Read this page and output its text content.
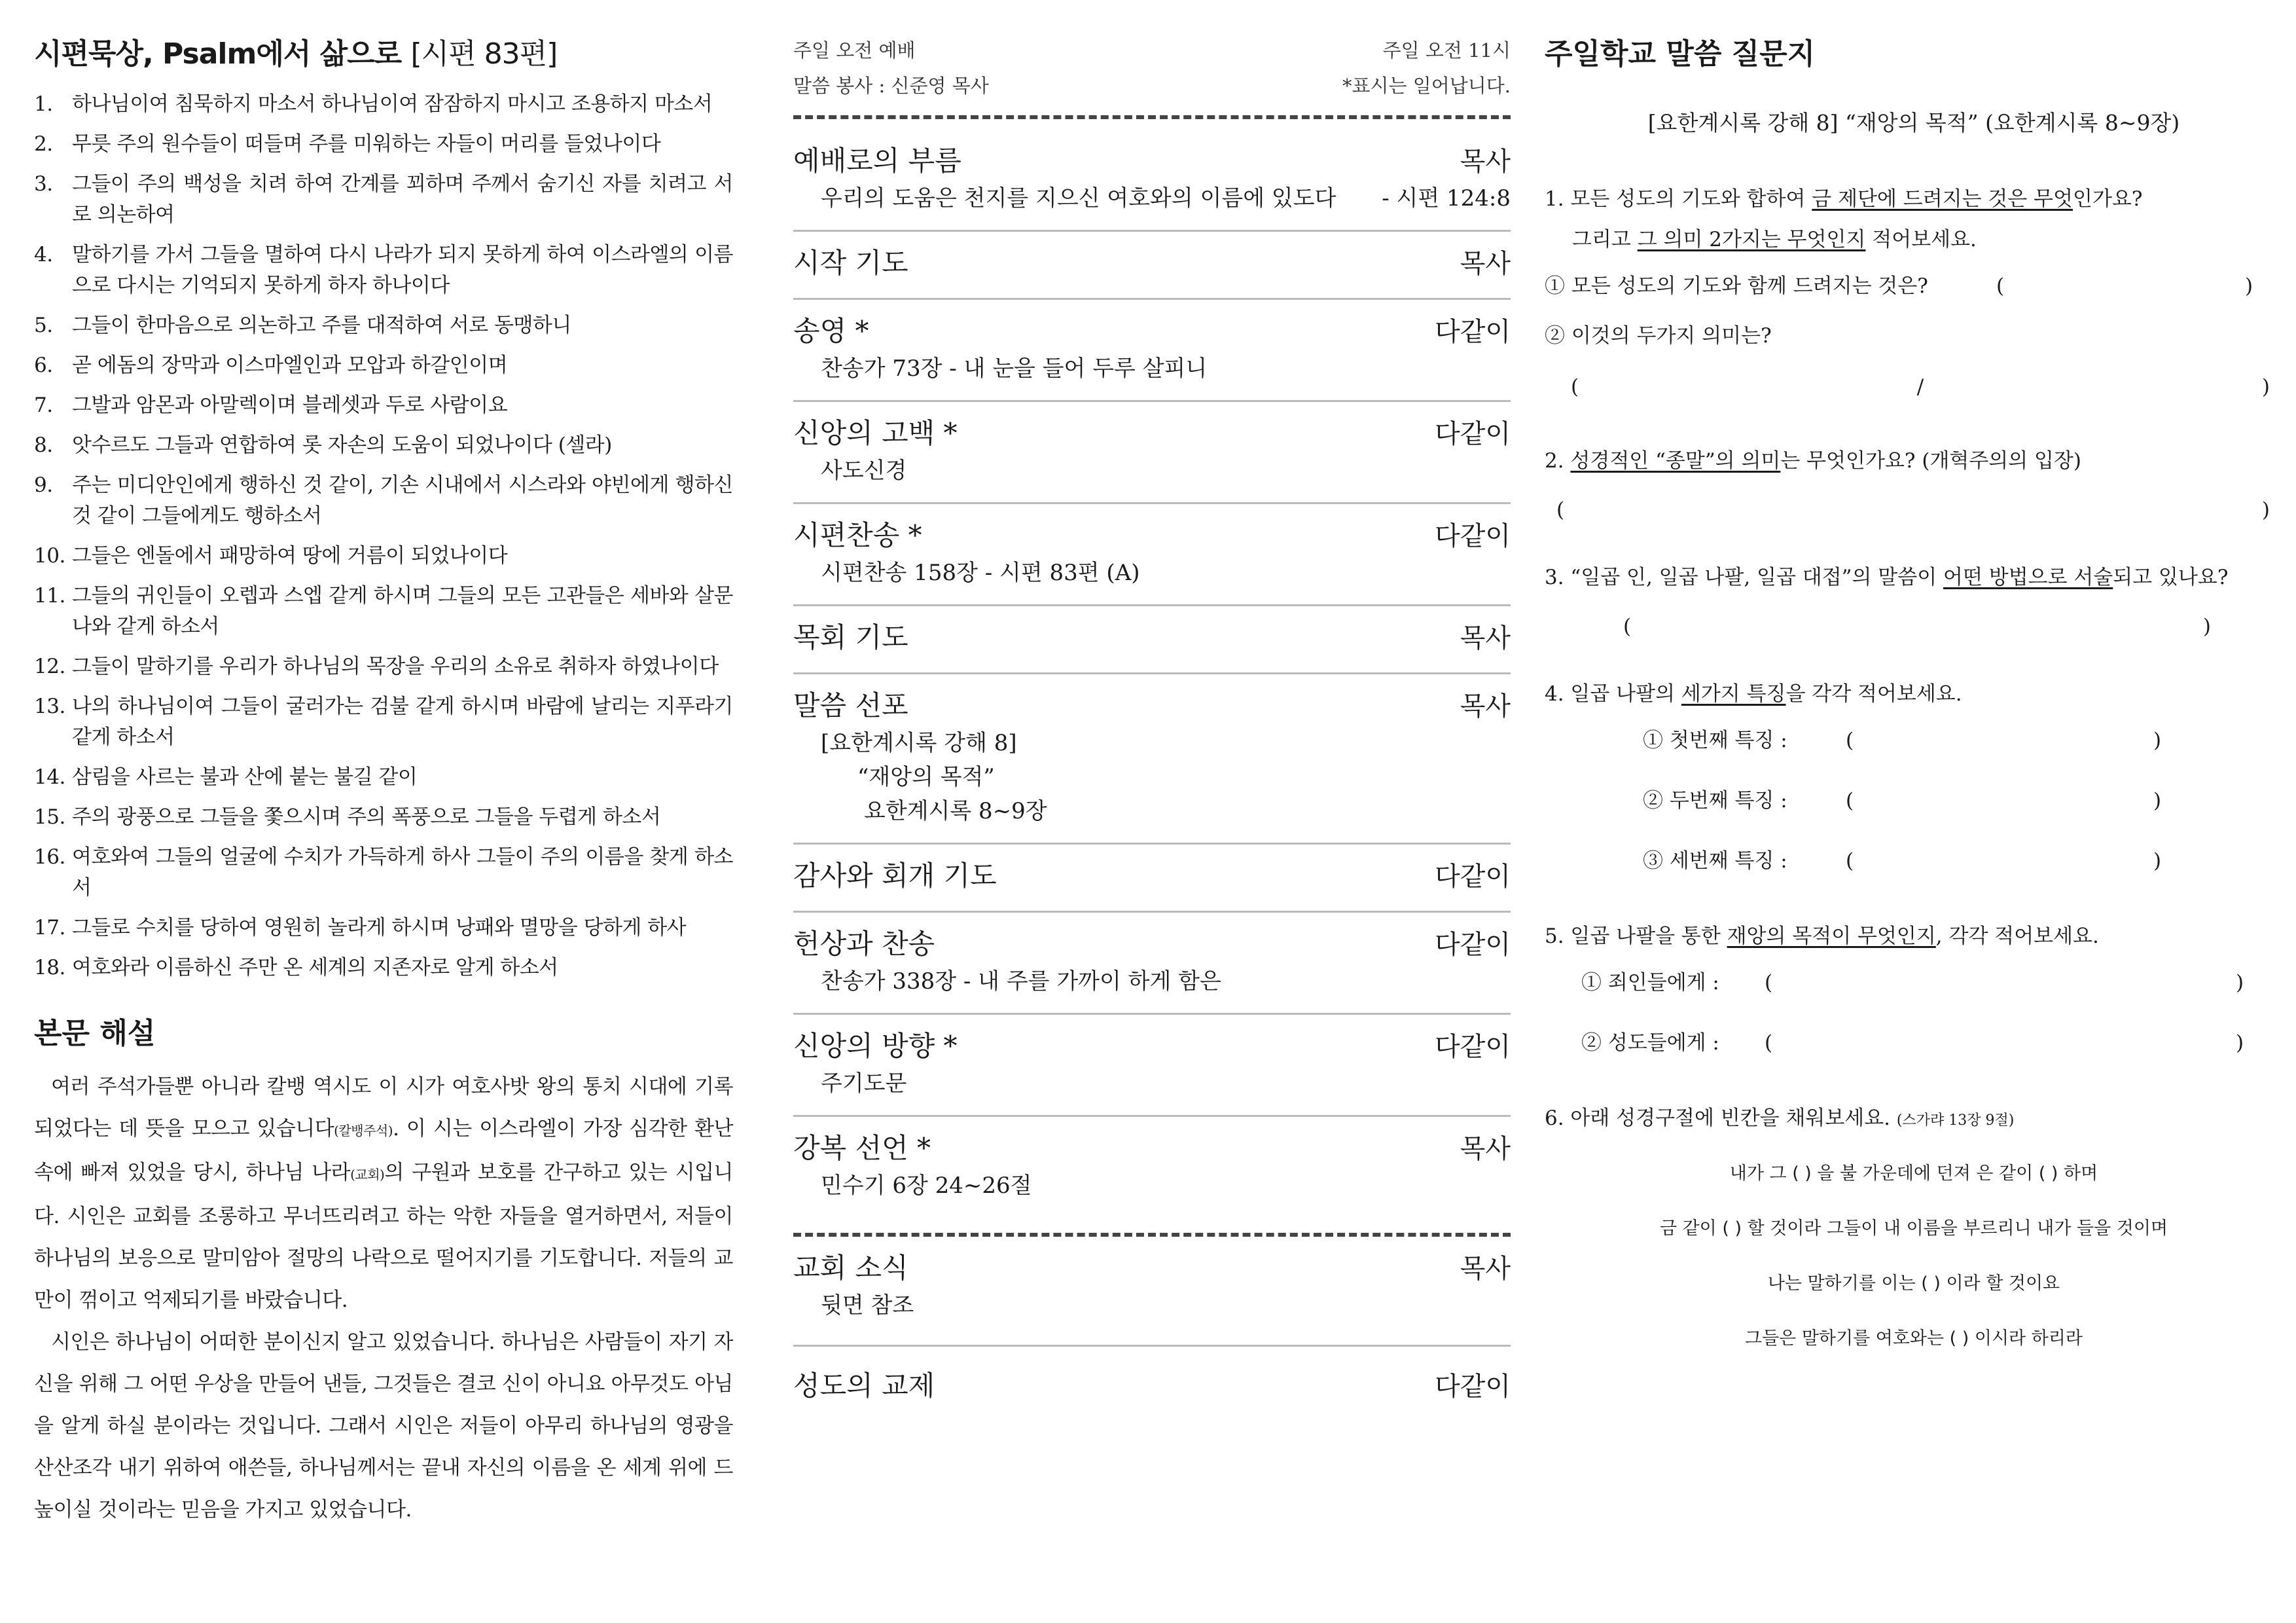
시편묵상, Psalm에서 삶으로 [시편 83편]
1. 하나님이여 침묵하지 마소서 하나님이여 잠잠하지 마시고 조용하지 마소서
2. 무릇 주의 원수들이 떠들며 주를 미워하는 자들이 머리를 들었나이다
3. 그들이 주의 백성을 치려 하여 간계를 꾀하며 주께서 숨기신 자를 치려고 서로 의논하여
4. 말하기를 가서 그들을 멸하여 다시 나라가 되지 못하게 하여 이스라엘의 이름으로 다시는 기억되지 못하게 하자 하나이다
5. 그들이 한마음으로 의논하고 주를 대적하여 서로 동맹하니
6. 곧 에돔의 장막과 이스마엘인과 모압과 하갈인이며
7. 그발과 암몬과 아말렉이며 블레셋과 두로 사람이요
8. 앗수르도 그들과 연합하여 롯 자손의 도움이 되었나이다 (셀라)
9. 주는 미디안인에게 행하신 것 같이, 기손 시내에서 시스라와 야빈에게 행하신 것 같이 그들에게도 행하소서
10. 그들은 엔돌에서 패망하여 땅에 거름이 되었나이다
11. 그들의 귀인들이 오렙과 스엡 같게 하시며 그들의 모든 고관들은 세바와 살문나와 같게 하소서
12. 그들이 말하기를 우리가 하나님의 목장을 우리의 소유로 취하자 하였나이다
13. 나의 하나님이여 그들이 굴러가는 검불 같게 하시며 바람에 날리는 지푸라기 같게 하소서
14. 삼림을 사르는 불과 산에 붙는 불길 같이
15. 주의 광풍으로 그들을 쫓으시며 주의 폭풍으로 그들을 두렵게 하소서
16. 여호와여 그들의 얼굴에 수치가 가득하게 하사 그들이 주의 이름을 찾게 하소서
17. 그들로 수치를 당하여 영원히 놀라게 하시며 낭패와 멸망을 당하게 하사
18. 여호와라 이름하신 주만 온 세계의 지존자로 알게 하소서
본문 해설

여러 주석가들뿐 아니라 칼뱅 역시도 이 시가 여호사밧 왕의 통치 시대에 기록되었다는 데 뜻을 모으고 있습니다(칼뱅주석). 이 시는 이스라엘이 가장 심각한 환난 속에 빠져 있었을 당시, 하나님 나라(교회)의 구원과 보호를 간구하고 있는 시입니다. 시인은 교회를 조롱하고 무너뜨리려고 하는 악한 자들을 열거하면서, 저들이 하나님의 보응으로 말미암아 절망의 나락으로 떨어지기를 기도합니다. 저들의 교만이 꺾이고 억제되기를 바랐습니다.

시인은 하나님이 어떠한 분이신지 알고 있었습니다. 하나님은 사람들이 자기 자신을 위해 그 어떤 우상을 만들어 낸들, 그것들은 결코 신이 아니요 아무것도 아님을 알게 하실 분이라는 것입니다. 그래서 시인은 저들이 아무리 하나님의 영광을 산산조각 내기 위하여 애쓴들, 하나님께서는 끝내 자신의 이름을 온 세계 위에 드높이실 것이라는 믿음을 가지고 있었습니다.

주일 오전 예배	주일 오전 11시
말씀 봉사 : 신준영 목사	*표시는 일어납니다.
예배로의 부름	목사
우리의 도움은 천지를 지으신 여호와의 이름에 있도다 - 시편 124:8
시작 기도	목사
송영 *	다같이
찬송가 73장 - 내 눈을 들어 두루 살피니
신앙의 고백 *	다같이
사도신경
시편찬송 *	다같이
시편찬송 158장 - 시편 83편 (A)
목회 기도	목사
말씀 선포	목사
[요한계시록 강해 8]
“재앙의 목적”
요한계시록 8~9장
감사와 회개 기도	다같이
헌상과 찬송	다같이
찬송가 338장 - 내 주를 가까이 하게 함은
신앙의 방향 *	다같이
주기도문
강복 선언 *	목사
민수기 6장 24~26절
교회 소식	목사
뒷면 참조
성도의 교제	다같이
주일학교 말씀 질문지
[요한계시록 강해 8] “재앙의 목적” (요한계시록 8~9장)
1. 모든 성도의 기도와 합하여 금 제단에 드려지는 것은 무엇인가요?
그리고 그 의미 2가지는 무엇인지 적어보세요.
① 모든 성도의 기도와 함께 드려지는 것은?	(	)
② 이것의 두가지 의미는?
(	/	)
2. 성경적인 “종말”의 의미는 무엇인가요? (개혁주의의 입장)
(	)
3. “일곱 인, 일곱 나팔, 일곱 대접”의 말씀이 어떤 방법으로 서술되고 있나요?
(	)
4. 일곱 나팔의 세가지 특징을 각각 적어보세요.
① 첫번째 특징 :	(	)
② 두번째 특징 :	(	)
③ 세번째 특징 :	(	)
5. 일곱 나팔을 통한 재앙의 목적이 무엇인지, 각각 적어보세요.
① 죄인들에게 :	(	)
② 성도들에게 :	(	)
6. 아래 성경구절에 빈칸을 채워보세요. (스가랴 13장 9절)
내가 그 ( ) 을 불 가운데에 던져 은 같이 ( ) 하며
금 같이 ( ) 할 것이라 그들이 내 이름을 부르리니 내가 들을 것이며
나는 말하기를 이는 ( ) 이라 할 것이요
그들은 말하기를 여호와는 ( ) 이시라 하리라
